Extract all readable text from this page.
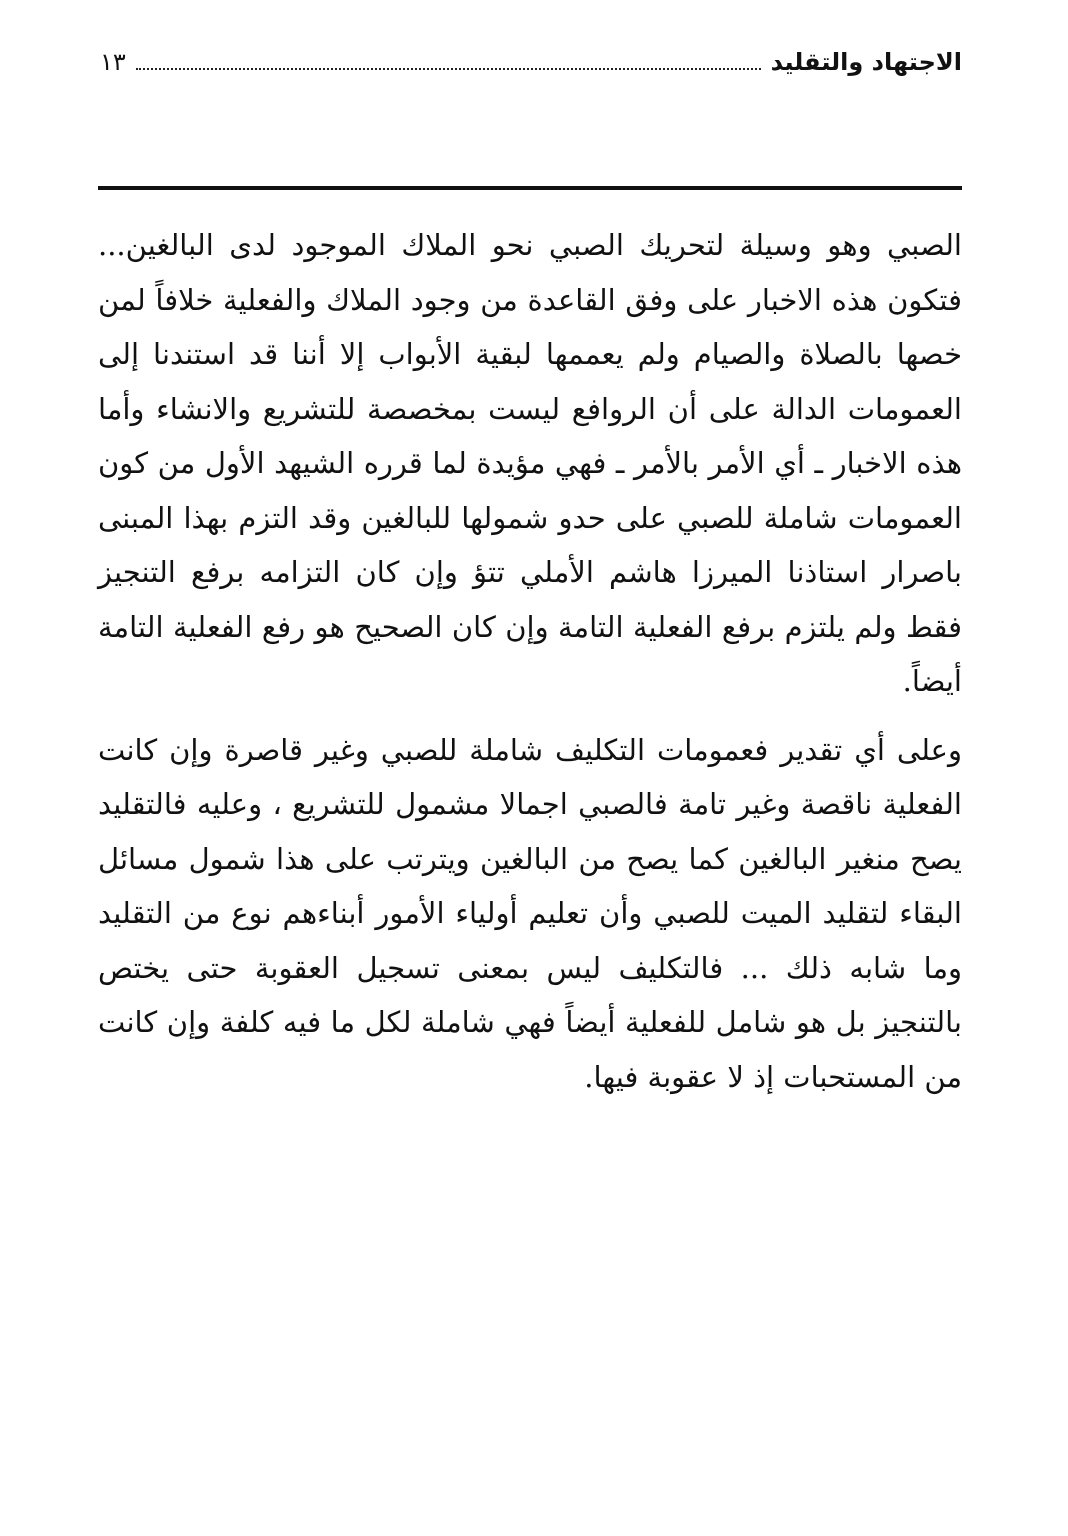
الاجتهاد والتقليد
١٣

الصبي وهو وسيلة لتحريك الصبي نحو الملاك الموجود لدى البالغين... فتكون هذه الاخبار على وفق القاعدة من وجود الملاك والفعلية خلافاً لمن خصها بالصلاة والصيام ولم يعممها لبقية الأبواب إلا أننا قد استندنا إلى العمومات الدالة على أن الروافع ليست بمخصصة للتشريع والانشاء وأما هذه الاخبار ـ أي الأمر بالأمر ـ فهي مؤيدة لما قرره الشيهد الأول من كون العمومات شاملة للصبي على حدو شمولها للبالغين وقد التزم بهذا المبنى باصرار استاذنا الميرزا هاشم الأملي تتؤ وإن كان التزامه برفع التنجيز فقط ولم يلتزم برفع الفعلية التامة وإن كان الصحيح هو رفع الفعلية التامة أيضاً.

وعلى أي تقدير فعمومات التكليف شاملة للصبي وغير قاصرة وإن كانت الفعلية ناقصة وغير تامة فالصبي اجمالا مشمول للتشريع ، وعليه فالتقليد يصح منغير البالغين كما يصح من البالغين ويترتب على هذا شمول مسائل البقاء لتقليد الميت للصبي وأن تعليم أولياء الأمور أبناءهم نوع من التقليد وما شابه ذلك ... فالتكليف ليس بمعنى تسجيل العقوبة حتى يختص بالتنجيز بل هو شامل للفعلية أيضاً فهي شاملة لكل ما فيه كلفة وإن كانت من المستحبات إذ لا عقوبة فيها.
